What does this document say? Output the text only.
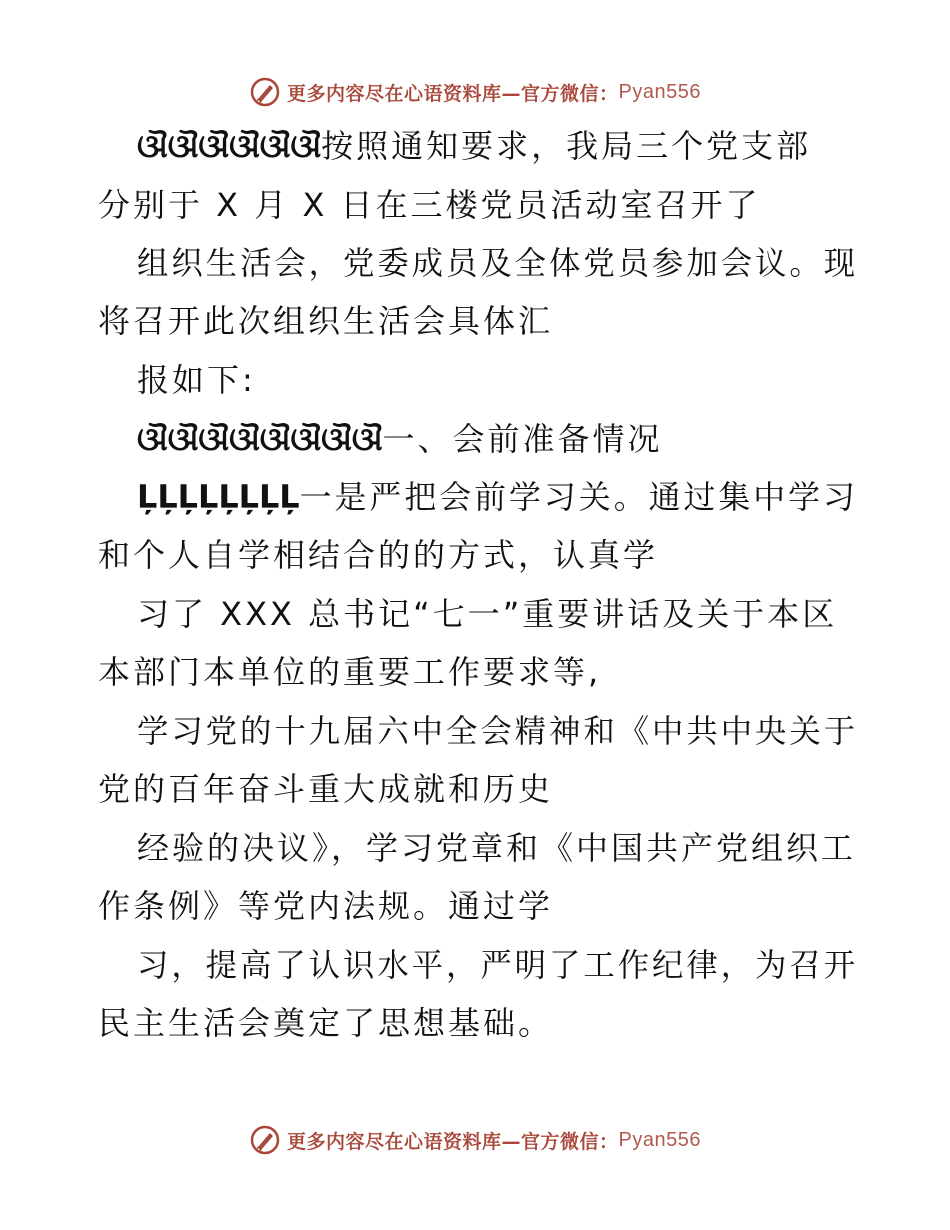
更多内容尽在心语资料库—官方微信： Pyan556
ଔଔଔଔଔଔ按照通知要求，我局三个党支部
分别于 X 月 X 日在三楼党员活动室召开了
组织生活会，党委成员及全体党员参加会议。现
将召开此次组织生活会具体汇
报如下:
ଔଔଔଔଔଔଔଔ一、会前准备情况
ĻĻĻĻĻĻĻĻ一是严把会前学习关。通过集中学习
和个人自学相结合的的方式，认真学
习了 XXX 总书记“七一”重要讲话及关于本区
本部门本单位的重要工作要求等,
学习党的十九届六中全会精神和《中共中央关于
党的百年奋斗重大成就和历史
经验的决议》，学习党章和《中国共产党组织工
作条例》等党内法规。通过学
习，提高了认识水平，严明了工作纪律，为召开
民主生活会奠定了思想基础。
更多内容尽在心语资料库—官方微信： Pyan556
